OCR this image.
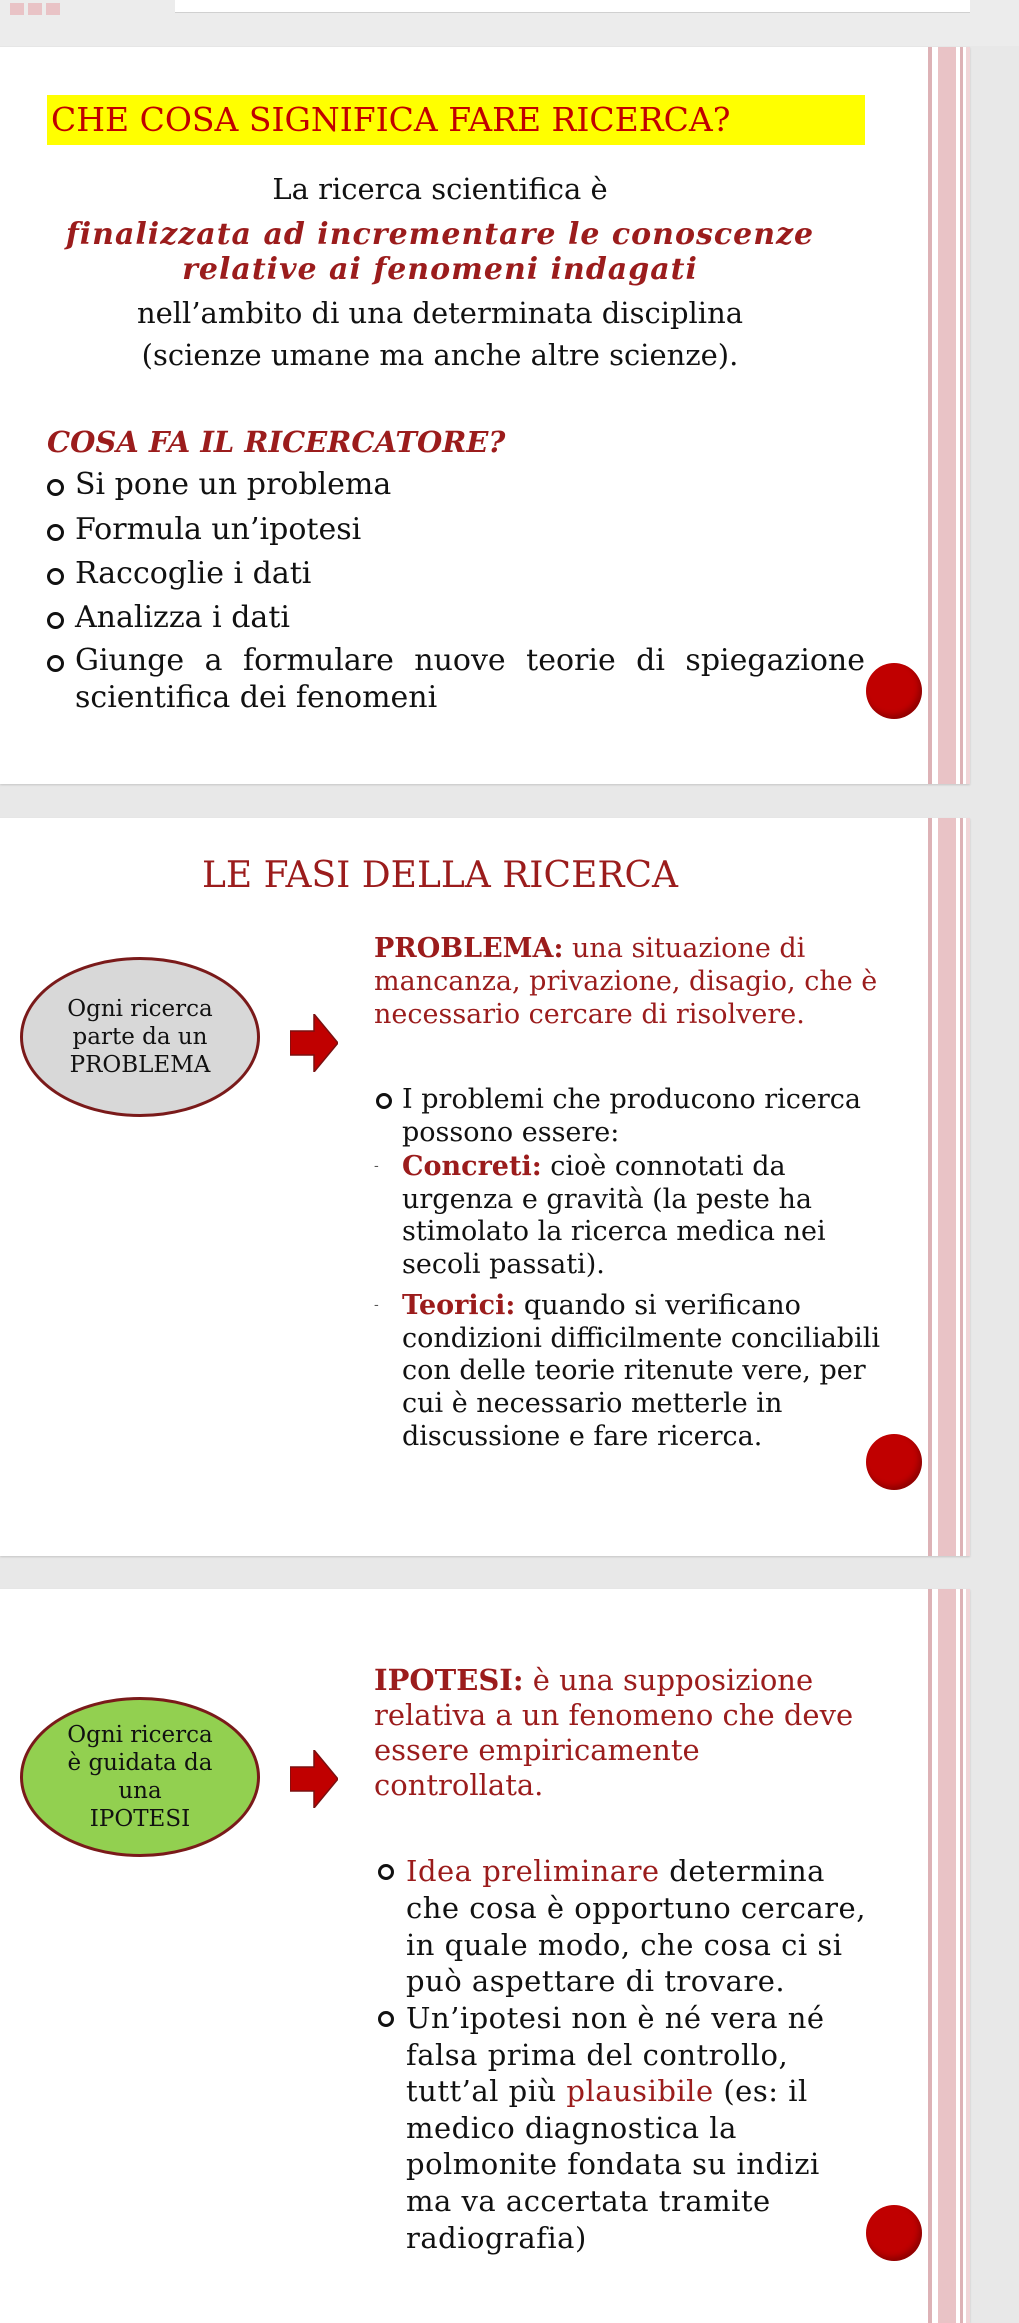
CHE COSA SIGNIFICA FARE RICERCA?
La ricerca scientifica è
finalizzata ad incrementare le conoscenze
relative ai fenomeni indagati
nell’ambito di una determinata disciplina
(scienze umane ma anche altre scienze).
COSA FA IL RICERCATORE?
Si pone un problema
Formula un’ipotesi
Raccoglie i dati
Analizza i dati
Giunge a formulare nuove teorie di spiegazione
scientifica dei fenomeni
LE FASI DELLA RICERCA
Ogni ricerca
parte da un
PROBLEMA
PROBLEMA: una situazione di
mancanza, privazione, disagio, che è
necessario cercare di risolvere.
I problemi che producono ricerca
possono essere:
- Concreti: cioè connotati da
urgenza e gravità (la peste ha
stimolato la ricerca medica nei
secoli passati).
- Teorici: quando si verificano
condizioni difficilmente conciliabili
con delle teorie ritenute vere, per
cui è necessario metterle in
discussione e fare ricerca.
Ogni ricerca
è guidata da
una
IPOTESI
IPOTESI: è una supposizione
relativa a un fenomeno che deve
essere empiricamente
controllata.
Idea preliminare determina
che cosa è opportuno cercare,
in quale modo, che cosa ci si
può aspettare di trovare.
Un’ipotesi non è né vera né
falsa prima del controllo,
tutt’al più plausibile (es: il
medico diagnostica la
polmonite fondata su indizi
ma va accertata tramite
radiografia)
